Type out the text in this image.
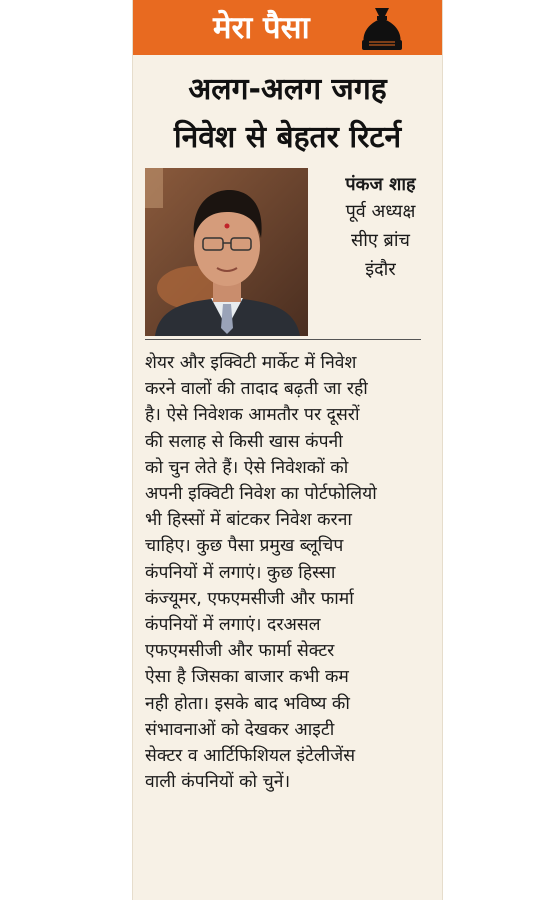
मेरा पैसा
अलग-अलग जगह
निवेश से बेहतर रिटर्न
पंकज शाह
पूर्व अध्यक्ष
सीए ब्रांच
इंदौर
शेयर और इक्विटी मार्केट में निवेश
करने वालों की तादाद बढ़ती जा रही
है। ऐसे निवेशक आमतौर पर दूसरों
की सलाह से किसी खास कंपनी
को चुन लेते हैं। ऐसे निवेशकों को
अपनी इक्विटी निवेश का पोर्टफोलियो
भी हिस्सों में बांटकर निवेश करना
चाहिए। कुछ पैसा प्रमुख ब्लूचिप
कंपनियों में लगाएं। कुछ हिस्सा
कंज्यूमर, एफएमसीजी और फार्मा
कंपनियों में लगाएं। दरअसल
एफएमसीजी और फार्मा सेक्टर
ऐसा है जिसका बाजार कभी कम
नही होता। इसके बाद भविष्य की
संभावनाओं को देखकर आइटी
सेक्टर व आर्टिफिशियल इंटेलीजेंस
वाली कंपनियों को चुनें।
